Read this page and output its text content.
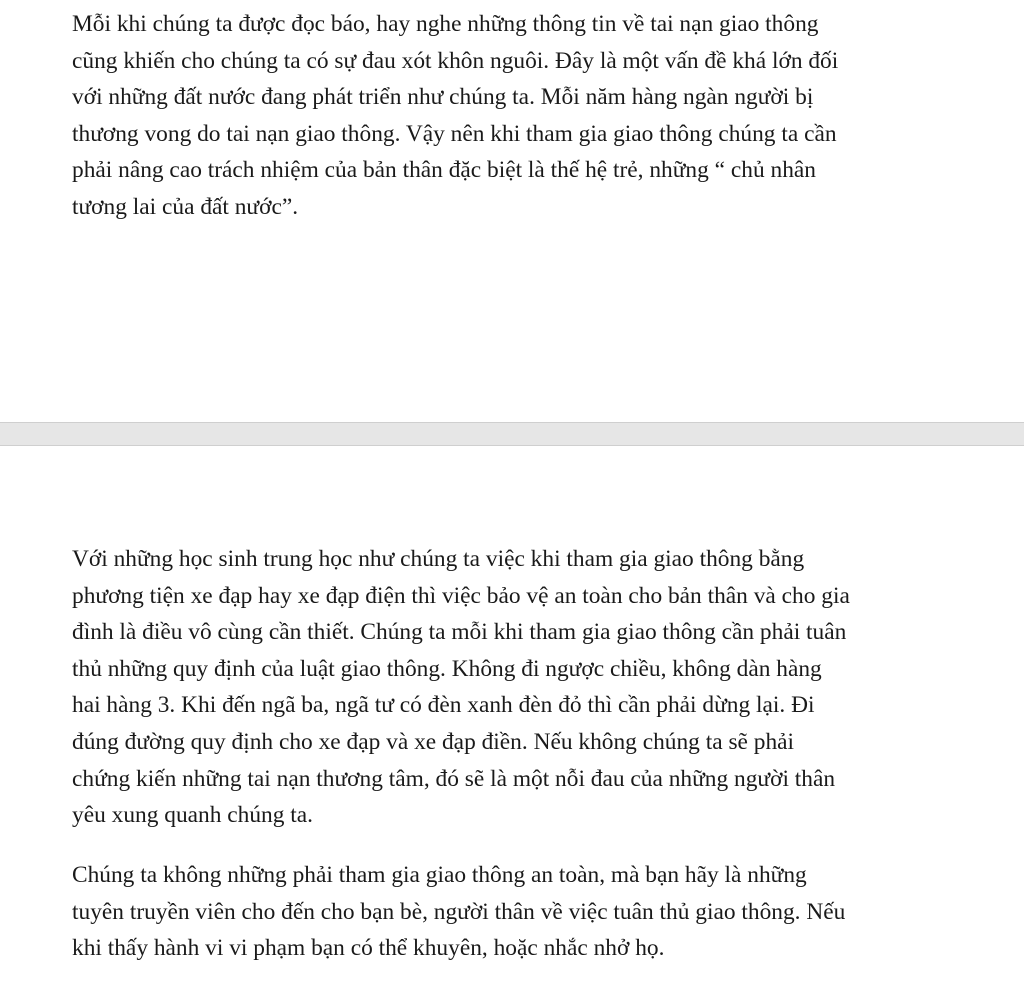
Mỗi khi chúng ta được đọc báo, hay nghe những thông tin về tai nạn giao thông
cũng khiến cho chúng ta có sự đau xót khôn nguôi. Đây là một vấn đề khá lớn đối
với những đất nước đang phát triển như chúng ta. Mỗi năm hàng ngàn người bị
thương vong do tai nạn giao thông. Vậy nên khi tham gia giao thông chúng ta cần
phải nâng cao trách nhiệm của bản thân đặc biệt là thế hệ trẻ, những “ chủ nhân
tương lai của đất nước”.

Với những học sinh trung học như chúng ta việc khi tham gia giao thông bằng
phương tiện xe đạp hay xe đạp điện thì việc bảo vệ an toàn cho bản thân và cho gia
đình là điều vô cùng cần thiết. Chúng ta mỗi khi tham gia giao thông cần phải tuân
thủ những quy định của luật giao thông. Không đi ngược chiều, không dàn hàng
hai hàng 3. Khi đến ngã ba, ngã tư có đèn xanh đèn đỏ thì cần phải dừng lại. Đi
đúng đường quy định cho xe đạp và xe đạp điền. Nếu không chúng ta sẽ phải
chứng kiến những tai nạn thương tâm, đó sẽ là một nỗi đau của những người thân
yêu xung quanh chúng ta.

Chúng ta không những phải tham gia giao thông an toàn, mà bạn hãy là những
tuyên truyền viên cho đến cho bạn bè, người thân về việc tuân thủ giao thông. Nếu
khi thấy hành vi vi phạm bạn có thể khuyên, hoặc nhắc nhở họ.
